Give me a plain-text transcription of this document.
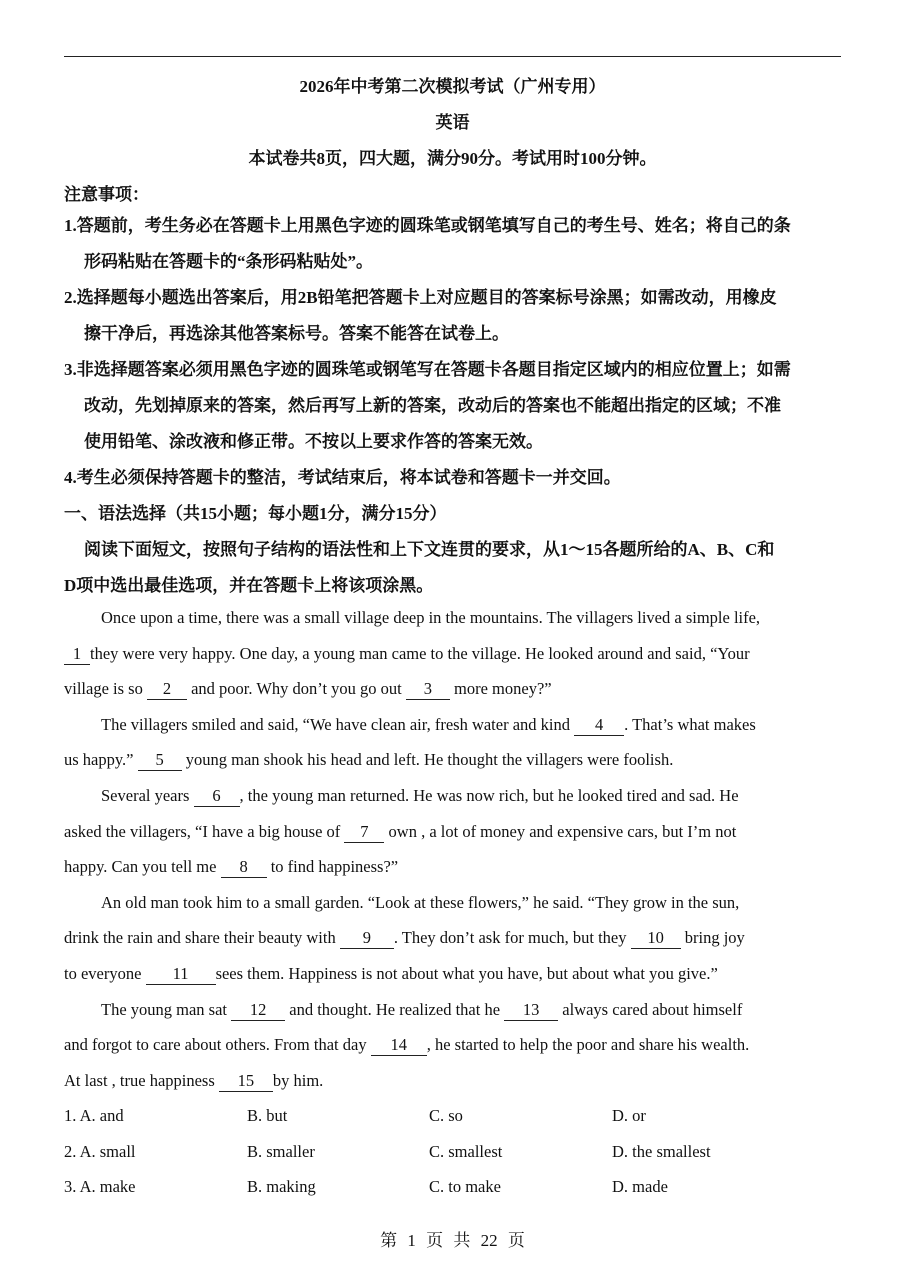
2026年中考第二次模拟考试（广州专用）
英语
本试卷共8页，四大题，满分90分。考试用时100分钟。
注意事项：
1.答题前，考生务必在答题卡上用黑色字迹的圆珠笔或钢笔填写自己的考生号、姓名；将自己的条
形码粘贴在答题卡的“条形码粘贴处”。
2.选择题每小题选出答案后，用2B铅笔把答题卡上对应题目的答案标号涂黑；如需改动，用橡皮
擦干净后，再选涂其他答案标号。答案不能答在试卷上。
3.非选择题答案必须用黑色字迹的圆珠笔或钢笔写在答题卡各题目指定区域内的相应位置上；如需
改动，先划掉原来的答案，然后再写上新的答案，改动后的答案也不能超出指定的区域；不准
使用铅笔、涂改液和修正带。不按以上要求作答的答案无效。
4.考生必须保持答题卡的整洁，考试结束后，将本试卷和答题卡一并交回。
一、语法选择（共15小题；每小题1分，满分15分）
阅读下面短文，按照句子结构的语法性和上下文连贯的要求，从1～15各题所给的A、B、C和
D项中选出最佳选项，并在答题卡上将该项涂黑。
Once upon a time, there was a small village deep in the mountains. The villagers lived a simple life,
1 they were very happy. One day, a young man came to the village. He looked around and said, “Your
village is so 2 and poor. Why don’t you go out 3 more money?”
The villagers smiled and said, “We have clean air, fresh water and kind 4 . That’s what makes
us happy.” 5 young man shook his head and left. He thought the villagers were foolish.
Several years 6 , the young man returned. He was now rich, but he looked tired and sad. He
asked the villagers, “I have a big house of 7 own , a lot of money and expensive cars, but I’m not
happy. Can you tell me 8 to find happiness?”
An old man took him to a small garden. “Look at these flowers,” he said. “They grow in the sun,
drink the rain and share their beauty with 9 . They don’t ask for much, but they 10 bring joy
to everyone 11 sees them. Happiness is not about what you have, but about what you give.”
The young man sat 12 and thought. He realized that he 13 always cared about himself
and forgot to care about others. From that day 14 , he started to help the poor and share his wealth.
At last , true happiness 15 by him.
1. A. and	B. but	C. so	D. or
2. A. small	B. smaller	C. smallest	D. the smallest
3. A. make	B. making	C. to make	D. made
第 1 页 共 22 页
